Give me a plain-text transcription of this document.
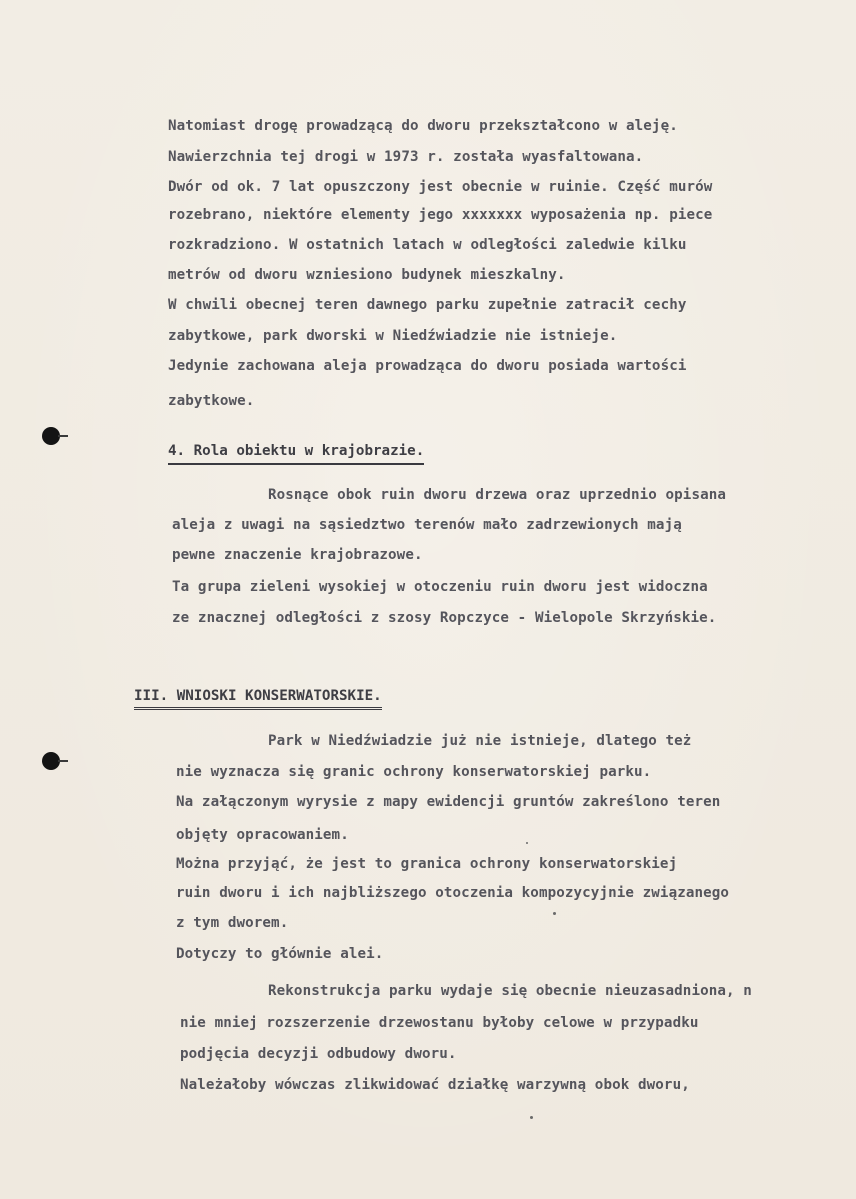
Natomiast drogę prowadzącą do dworu przekształcono w aleję.
Nawierzchnia tej drogi w 1973 r. została wyasfaltowana.
Dwór od ok. 7 lat opuszczony jest obecnie w ruinie. Część murów
rozebrano, niektóre elementy jego xxxxxxx wyposażenia np. piece
rozkradziono. W ostatnich latach w odległości zaledwie kilku
metrów od dworu wzniesiono budynek mieszkalny.
W chwili obecnej teren dawnego parku zupełnie zatracił cechy
zabytkowe, park dworski w Niedźwiadzie nie istnieje.
Jedynie zachowana aleja prowadząca do dworu posiada wartości
zabytkowe.
4. Rola obiektu w krajobrazie.
Rosnące obok ruin dworu drzewa oraz uprzednio opisana
aleja z uwagi na sąsiedztwo terenów mało zadrzewionych mają
pewne znaczenie krajobrazowe.
Ta grupa zieleni wysokiej w otoczeniu ruin dworu jest widoczna
ze znacznej odległości z szosy Ropczyce - Wielopole Skrzyńskie.
III. WNIOSKI KONSERWATORSKIE.
Park w Niedźwiadzie już nie istnieje, dlatego też
nie wyznacza się granic ochrony konserwatorskiej parku.
Na załączonym wyrysie z mapy ewidencji gruntów zakreślono teren
objęty opracowaniem.
Można przyjąć, że jest to granica ochrony konserwatorskiej
ruin dworu i ich najbliższego otoczenia kompozycyjnie związanego
z tym dworem.
Dotyczy to głównie alei.
Rekonstrukcja parku wydaje się obecnie nieuzasadniona, n
nie mniej rozszerzenie drzewostanu byłoby celowe w przypadku
podjęcia decyzji odbudowy dworu.
Należałoby wówczas zlikwidować działkę warzywną obok dworu,
